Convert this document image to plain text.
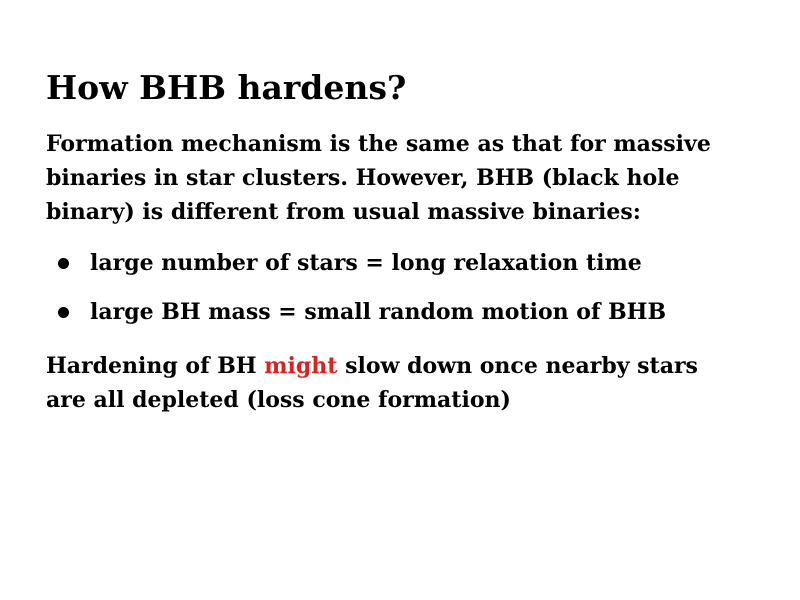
How BHB hardens?

Formation mechanism is the same as that for massive
binaries in star clusters. However, BHB (black hole
binary) is different from usual massive binaries:

large number of stars = long relaxation time
large BH mass = small random motion of BHB

Hardening of BH might slow down once nearby stars
are all depleted (loss cone formation)
